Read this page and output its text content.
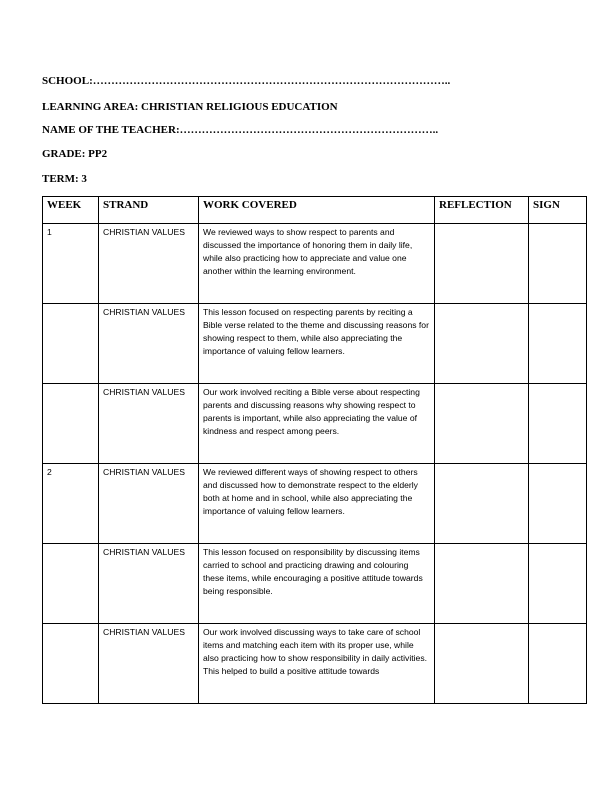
SCHOOL:……………………………………………………………………………………..
LEARNING AREA: CHRISTIAN RELIGIOUS EDUCATION
NAME OF THE TEACHER:……………………………………………………………..
GRADE: PP2
TERM: 3
WEEK	STRAND	WORK COVERED	REFLECTION	SIGN
1	CHRISTIAN VALUES	We reviewed ways to show respect to parents and discussed the importance of honoring them in daily life, while also practicing how to appreciate and value one another within the learning environment.		
	CHRISTIAN VALUES	This lesson focused on respecting parents by reciting a Bible verse related to the theme and discussing reasons for showing respect to them, while also appreciating the importance of valuing fellow learners.		
	CHRISTIAN VALUES	Our work involved reciting a Bible verse about respecting parents and discussing reasons why showing respect to parents is important, while also appreciating the value of kindness and respect among peers.		
2	CHRISTIAN VALUES	We reviewed different ways of showing respect to others and discussed how to demonstrate respect to the elderly both at home and in school, while also appreciating the importance of valuing fellow learners.		
	CHRISTIAN VALUES	This lesson focused on responsibility by discussing items carried to school and practicing drawing and colouring these items, while encouraging a positive attitude towards being responsible.		
	CHRISTIAN VALUES	Our work involved discussing ways to take care of school items and matching each item with its proper use, while also practicing how to show responsibility in daily activities. This helped to build a positive attitude towards		
